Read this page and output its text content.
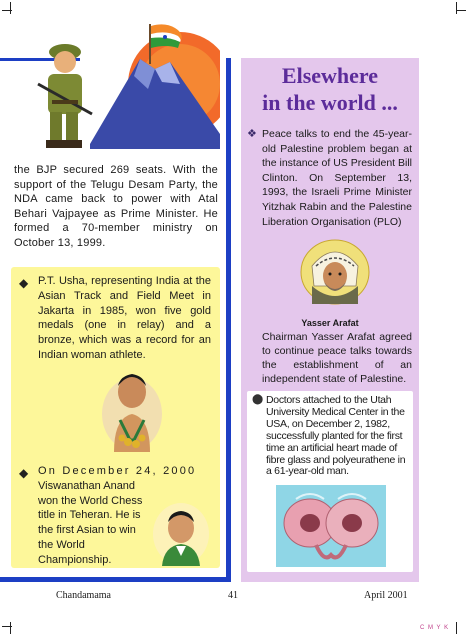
the BJP secured 269 seats. With the support of the Telugu Desam Party, the NDA came back to power with Atal Behari Vajpayee as Prime Minister. He formed a 70-member ministry on October 13, 1999.

◆ P.T. Usha, representing India at the Asian Track and Field Meet in Jakarta in 1985, won five gold medals (one in relay) and a bronze, which was a record for an Indian woman athlete.

◆ On December 24, 2000

Viswanathan Anand won the World Chess title in Teheran. He is the first Asian to win the World Championship.
Elsewhere
in the world ...
❖ Peace talks to end the 45-year-old Palestine problem began at the instance of US President Bill Clinton. On September 13, 1993, the Israeli Prime Minister Yitzhak Rabin and the Palestine Liberation Organisation (PLO)

Yasser Arafat

Chairman Yasser Arafat agreed to continue peace talks towards the establishment of an independent state of Palestine.

⬤ Doctors attached to the Utah University Medical Center in the USA, on December 2, 1982, successfully planted for the first time an artificial heart made of fibre glass and polyeurathene in a 61-year-old man.

Chandamama	41	April 2001
C M Y K
